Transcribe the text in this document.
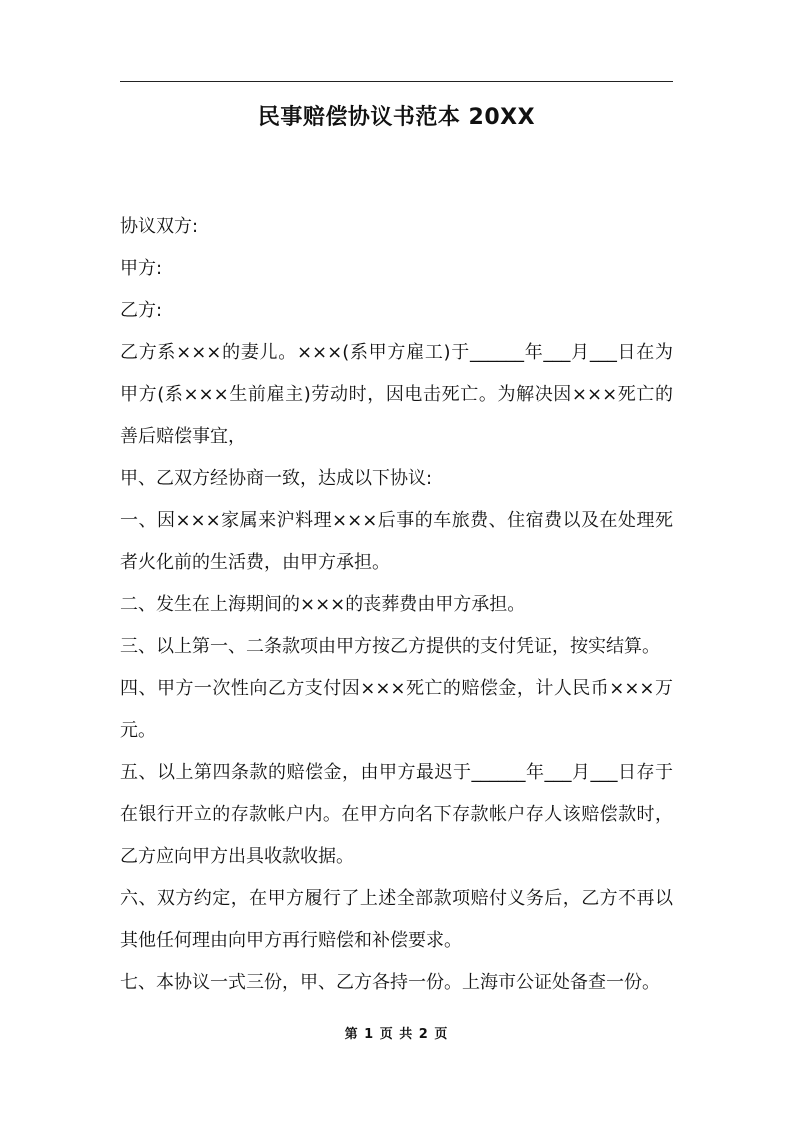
民事赔偿协议书范本 20XX

协议双方:

甲方:

乙方:

乙方系×××的妻儿。×××(系甲方雇工)于______年___月___日在为甲方(系×××生前雇主)劳动时，因电击死亡。为解决因×××死亡的善后赔偿事宜，

甲、乙双方经协商一致，达成以下协议:

一、因×××家属来沪料理×××后事的车旅费、住宿费以及在处理死者火化前的生活费，由甲方承担。

二、发生在上海期间的×××的丧葬费由甲方承担。

三、以上第一、二条款项由甲方按乙方提供的支付凭证，按实结算。

四、甲方一次性向乙方支付因×××死亡的赔偿金，计人民币×××万元。

五、以上第四条款的赔偿金，由甲方最迟于______年___月___日存于在银行开立的存款帐户内。在甲方向名下存款帐户存人该赔偿款时，乙方应向甲方出具收款收据。

六、双方约定，在甲方履行了上述全部款项赔付义务后，乙方不再以其他任何理由向甲方再行赔偿和补偿要求。

七、本协议一式三份，甲、乙方各持一份。上海市公证处备查一份。

第 1 页 共 2 页
